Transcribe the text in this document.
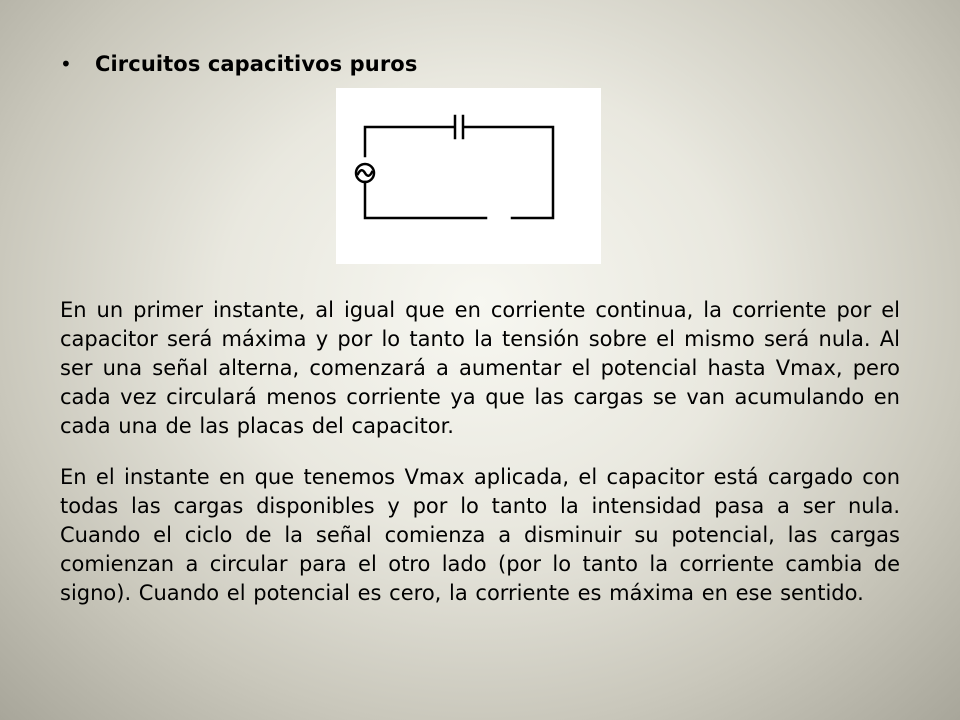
• Circuitos capacitivos puros

En un primer instante, al igual que en corriente continua, la corriente por el capacitor será máxima y por lo tanto la tensión sobre el mismo será nula. Al ser una señal alterna, comenzará a aumentar el potencial hasta Vmax, pero cada vez circulará menos corriente ya que las cargas se van acumulando en cada una de las placas del capacitor.

En el instante en que tenemos Vmax aplicada, el capacitor está cargado con todas las cargas disponibles y por lo tanto la intensidad pasa a ser nula. Cuando el ciclo de la señal comienza a disminuir su potencial, las cargas comienzan a circular para el otro lado (por lo tanto la corriente cambia de signo). Cuando el potencial es cero, la corriente es máxima en ese sentido.
